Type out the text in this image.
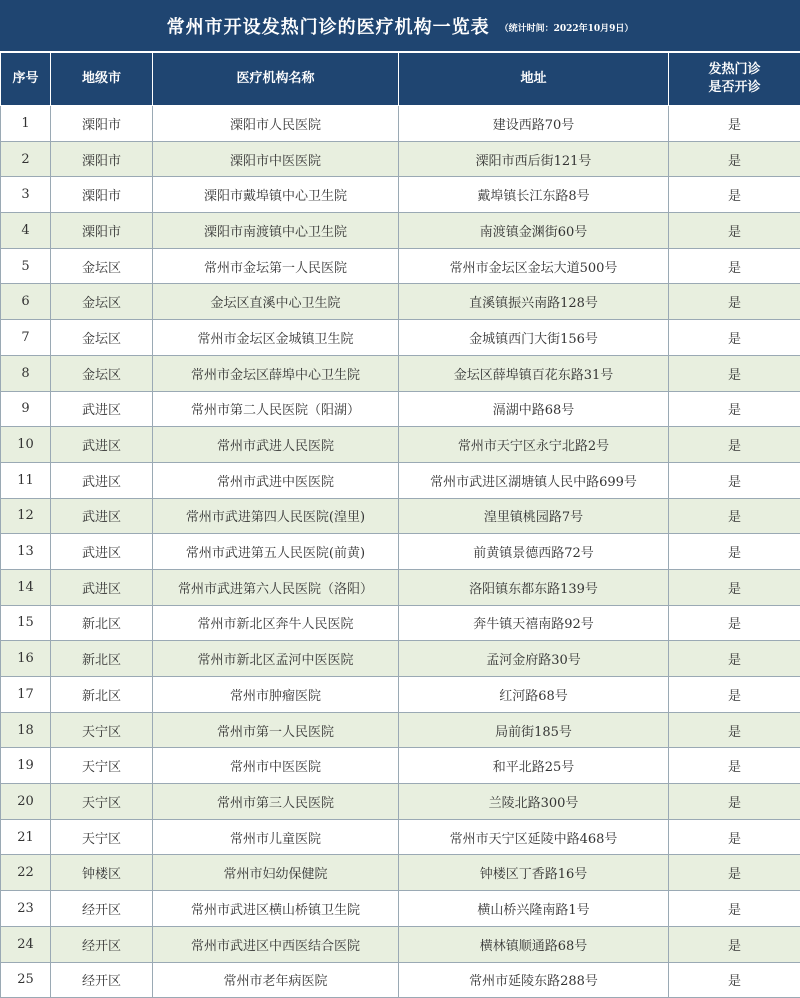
常州市开设发热门诊的医疗机构一览表 （统计时间：2022年10月9日）
序号	地级市	医疗机构名称	地址	发热门诊
是否开诊

1	溧阳市	溧阳市人民医院	建设西路70号	是
2	溧阳市	溧阳市中医医院	溧阳市西后街121号	是
3	溧阳市	溧阳市戴埠镇中心卫生院	戴埠镇长江东路8号	是
4	溧阳市	溧阳市南渡镇中心卫生院	南渡镇金渊街60号	是
5	金坛区	常州市金坛第一人民医院	常州市金坛区金坛大道500号	是
6	金坛区	金坛区直溪中心卫生院	直溪镇振兴南路128号	是
7	金坛区	常州市金坛区金城镇卫生院	金城镇西门大街156号	是
8	金坛区	常州市金坛区薛埠中心卫生院	金坛区薛埠镇百花东路31号	是
9	武进区	常州市第二人民医院（阳湖）	滆湖中路68号	是
10	武进区	常州市武进人民医院	常州市天宁区永宁北路2号	是
11	武进区	常州市武进中医医院	常州市武进区湖塘镇人民中路699号	是
12	武进区	常州市武进第四人民医院(湟里)	湟里镇桃园路7号	是
13	武进区	常州市武进第五人民医院(前黄)	前黄镇景德西路72号	是
14	武进区	常州市武进第六人民医院（洛阳）	洛阳镇东都东路139号	是
15	新北区	常州市新北区奔牛人民医院	奔牛镇天禧南路92号	是
16	新北区	常州市新北区孟河中医医院	孟河金府路30号	是
17	新北区	常州市肿瘤医院	红河路68号	是
18	天宁区	常州市第一人民医院	局前街185号	是
19	天宁区	常州市中医医院	和平北路25号	是
20	天宁区	常州市第三人民医院	兰陵北路300号	是
21	天宁区	常州市儿童医院	常州市天宁区延陵中路468号	是
22	钟楼区	常州市妇幼保健院	钟楼区丁香路16号	是
23	经开区	常州市武进区横山桥镇卫生院	横山桥兴隆南路1号	是
24	经开区	常州市武进区中西医结合医院	横林镇顺通路68号	是
25	经开区	常州市老年病医院	常州市延陵东路288号	是
